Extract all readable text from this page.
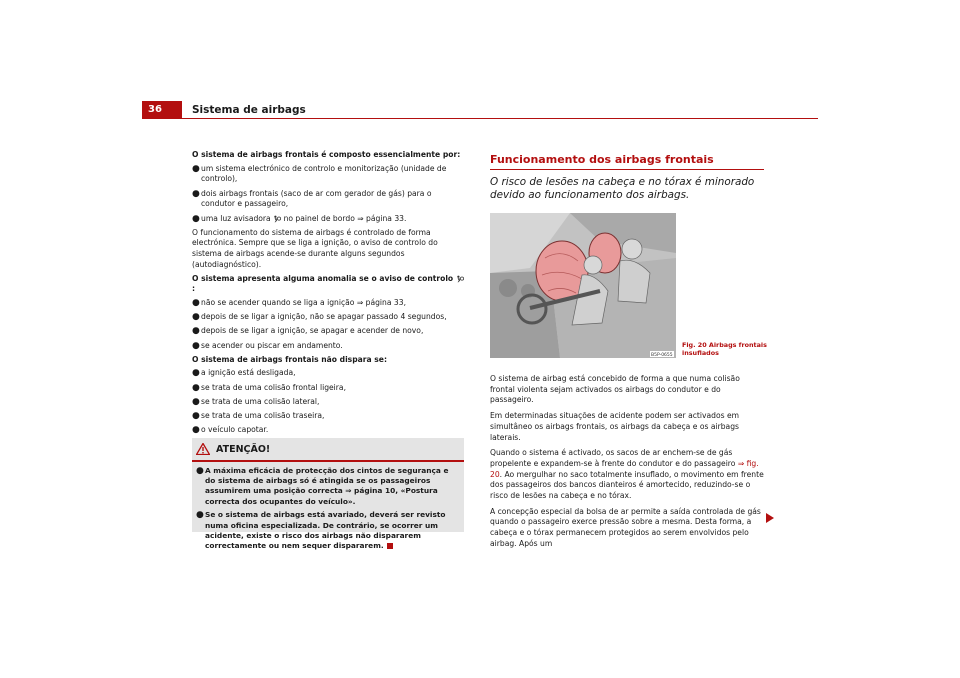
36	Sistema de airbags

O sistema de airbags frontais é composto essencialmente por:

● um sistema electrónico de controlo e monitorização (unidade de controlo),
● dois airbags frontais (saco de ar com gerador de gás) para o condutor e passageiro,
● uma luz avisadora no painel de bordo ⇒ página 33.

O funcionamento do sistema de airbags é controlado de forma electrónica. Sempre que se liga a ignição, o aviso de controlo do sistema de airbags acende-se durante alguns segundos (autodiagnóstico).

O sistema apresenta alguma anomalia se o aviso de controlo :

● não se acender quando se liga a ignição ⇒ página 33,
● depois de se ligar a ignição, não se apagar passado 4 segundos,
● depois de se ligar a ignição, se apagar e acender de novo,
● se acender ou piscar em andamento.

O sistema de airbags frontais não dispara se:

● a ignição está desligada,
● se trata de uma colisão frontal ligeira,
● se trata de uma colisão lateral,
● se trata de uma colisão traseira,
● o veículo capotar.
ATENÇÃO!
● A máxima eficácia de protecção dos cintos de segurança e do sistema de airbags só é atingida se os passageiros assumirem uma posição correcta ⇒ página 10, «Postura correcta dos ocupantes do veículo».
● Se o sistema de airbags está avariado, deverá ser revisto numa oficina especializada. De contrário, se ocorrer um acidente, existe o risco dos airbags não dispararem correctamente ou nem sequer dispararem.

Funcionamento dos airbags frontais

O risco de lesões na cabeça e no tórax é minorado devido ao funcionamento dos airbags.

B5P-0655
Fig. 20 Airbags frontais
insuflados

O sistema de airbag está concebido de forma a que numa colisão frontal violenta sejam activados os airbags do condutor e do passageiro.

Em determinadas situações de acidente podem ser activados em simultâneo os airbags frontais, os airbags da cabeça e os airbags laterais.

Quando o sistema é activado, os sacos de ar enchem-se de gás propelente e expandem-se à frente do condutor e do passageiro ⇒ fig. 20. Ao mergulhar no saco totalmente insuflado, o movimento em frente dos passageiros dos bancos dianteiros é amortecido, reduzindo-se o risco de lesões na cabeça e no tórax.

A concepção especial da bolsa de ar permite a saída controlada de gás quando o passageiro exerce pressão sobre a mesma. Desta forma, a cabeça e o tórax permanecem protegidos ao serem envolvidos pelo airbag. Após um
